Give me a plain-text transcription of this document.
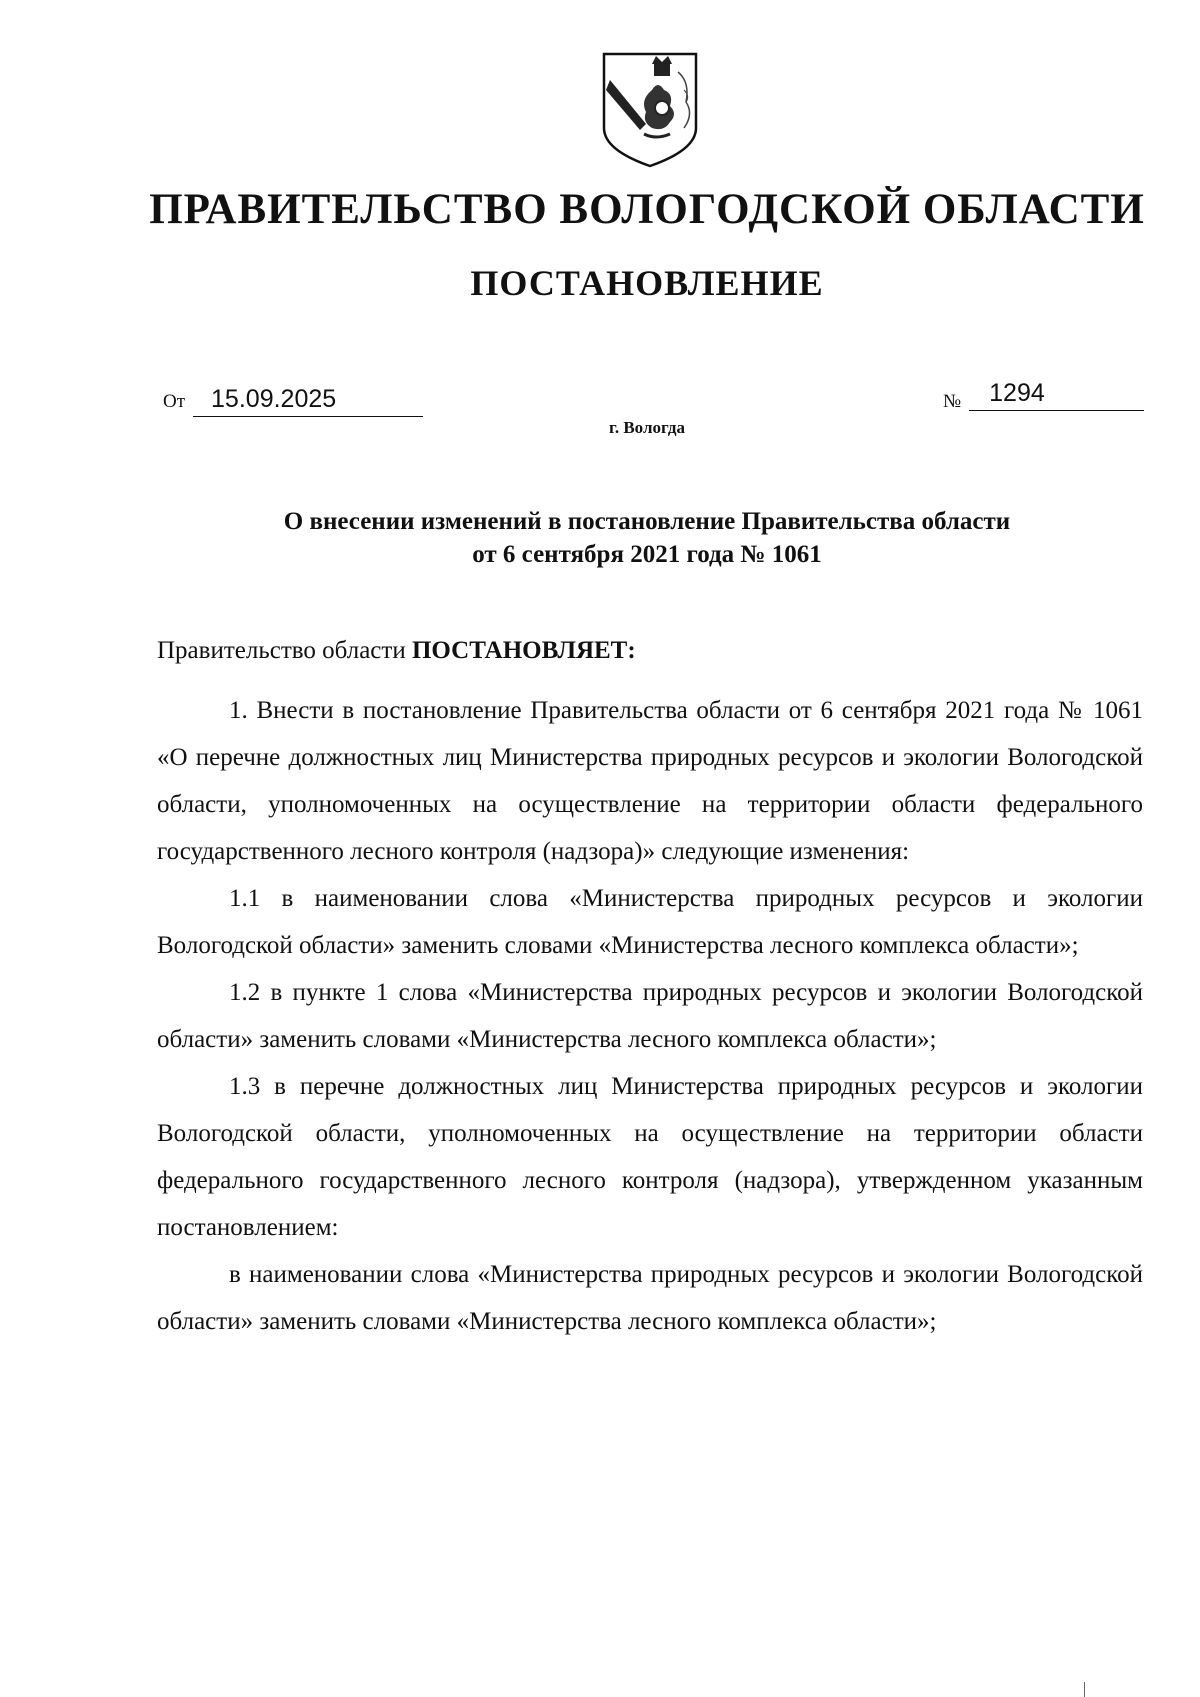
ПРАВИТЕЛЬСТВО ВОЛОГОДСКОЙ ОБЛАСТИ
ПОСТАНОВЛЕНИЕ
От 15.09.2025	№ 1294
г. Вологда
О внесении изменений в постановление Правительства области
от 6 сентября 2021 года № 1061

Правительство области ПОСТАНОВЛЯЕТ:

1. Внести в постановление Правительства области от 6 сентября 2021 года № 1061 «О перечне должностных лиц Министерства природных ресурсов и экологии Вологодской области, уполномоченных на осуществление на территории области федерального государственного лесного контроля (надзора)» следующие изменения:

1.1 в наименовании слова «Министерства природных ресурсов и экологии Вологодской области» заменить словами «Министерства лесного комплекса области»;

1.2 в пункте 1 слова «Министерства природных ресурсов и экологии Вологодской области» заменить словами «Министерства лесного комплекса области»;

1.3 в перечне должностных лиц Министерства природных ресурсов и экологии Вологодской области, уполномоченных на осуществление на территории области федерального государственного лесного контроля (надзора), утвержденном указанным постановлением:

в наименовании слова «Министерства природных ресурсов и экологии Вологодской области» заменить словами «Министерства лесного комплекса области»;
